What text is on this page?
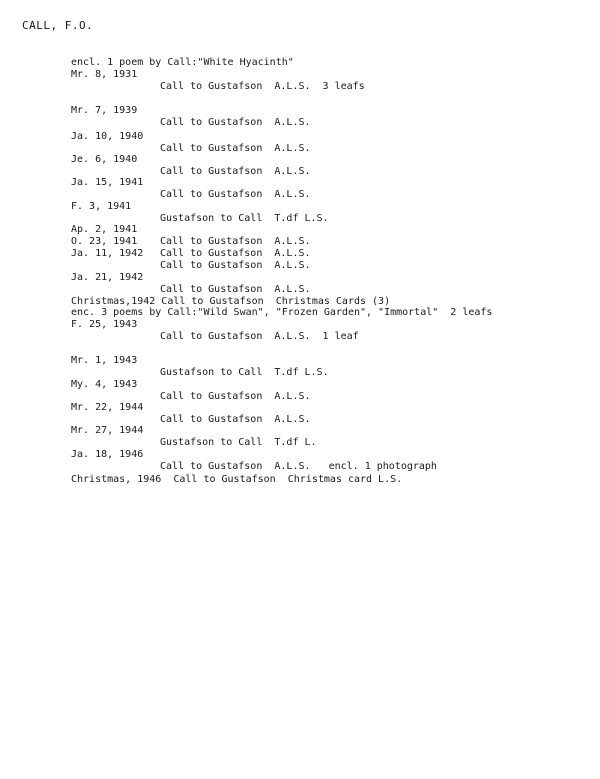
CALL, F.O.

Mr. 8, 1931

Call to Gustafson  A.L.S.  3 leafs

encl. 1 poem by Call:"White Hyacinth"

Mr. 7, 1939

Call to Gustafson  A.L.S.

Ja. 10, 1940

Call to Gustafson  A.L.S.

Je. 6, 1940

Call to Gustafson  A.L.S.

Ja. 15, 1941

Call to Gustafson  A.L.S.

F. 3, 1941

Gustafson to Call  T.df L.S.

Ap. 2, 1941

Call to Gustafson  A.L.S.

O. 23, 1941

Call to Gustafson  A.L.S.

Ja. 11, 1942

Call to Gustafson  A.L.S.

Ja. 21, 1942

Call to Gustafson  A.L.S.

Christmas,1942 Call to Gustafson  Christmas Cards (3)

F. 25, 1943

Call to Gustafson  A.L.S.  1 leaf

enc. 3 poems by Call:"Wild Swan", "Frozen Garden", "Immortal"  2 leafs

Mr. 1, 1943

Gustafson to Call  T.df L.S.

My. 4, 1943

Call to Gustafson  A.L.S.

Mr. 22, 1944

Call to Gustafson  A.L.S.

Mr. 27, 1944

Gustafson to Call  T.df L.

Ja. 18, 1946

Call to Gustafson  A.L.S.   encl. 1 photograph

Christmas, 1946  Call to Gustafson  Christmas card L.S.
